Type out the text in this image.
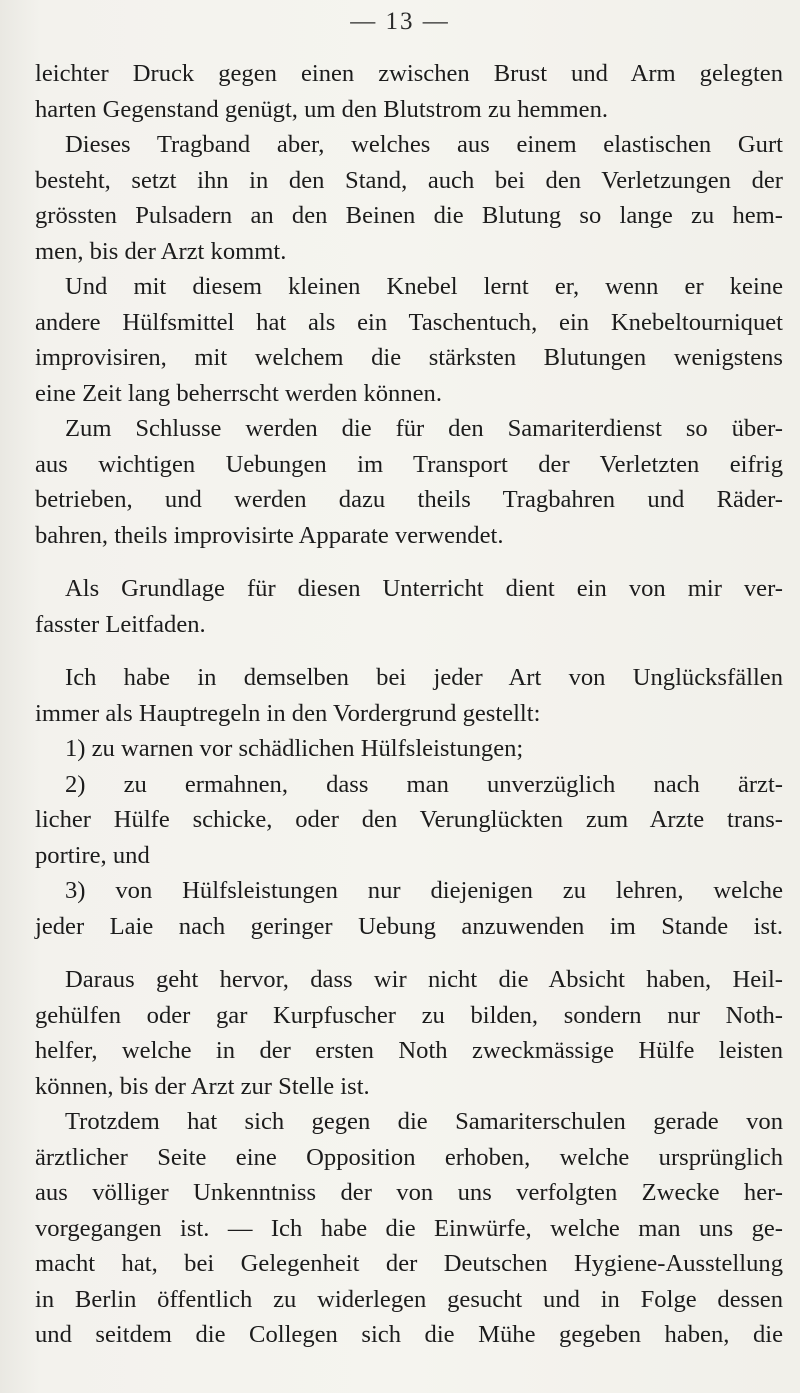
— 13 —

leichter Druck gegen einen zwischen Brust und Arm gelegten
harten Gegenstand genügt, um den Blutstrom zu hemmen.

Dieses Tragband aber, welches aus einem elastischen Gurt
besteht, setzt ihn in den Stand, auch bei den Verletzungen der
grössten Pulsadern an den Beinen die Blutung so lange zu hem-
men, bis der Arzt kommt.

Und mit diesem kleinen Knebel lernt er, wenn er keine
andere Hülfsmittel hat als ein Taschentuch, ein Knebeltourniquet
improvisiren, mit welchem die stärksten Blutungen wenigstens
eine Zeit lang beherrscht werden können.

Zum Schlusse werden die für den Samariterdienst so über-
aus wichtigen Uebungen im Transport der Verletzten eifrig
betrieben, und werden dazu theils Tragbahren und Räder-
bahren, theils improvisirte Apparate verwendet.

Als Grundlage für diesen Unterricht dient ein von mir ver-
fasster Leitfaden.

Ich habe in demselben bei jeder Art von Unglücksfällen
immer als Hauptregeln in den Vordergrund gestellt:

1) zu warnen vor schädlichen Hülfsleistungen;

2) zu ermahnen, dass man unverzüglich nach ärzt-
licher Hülfe schicke, oder den Verunglückten zum Arzte trans-
portire, und

3) von Hülfsleistungen nur diejenigen zu lehren, welche
jeder Laie nach geringer Uebung anzuwenden im Stande ist.

Daraus geht hervor, dass wir nicht die Absicht haben, Heil-
gehülfen oder gar Kurpfuscher zu bilden, sondern nur Noth-
helfer, welche in der ersten Noth zweckmässige Hülfe leisten
können, bis der Arzt zur Stelle ist.

Trotzdem hat sich gegen die Samariterschulen gerade von
ärztlicher Seite eine Opposition erhoben, welche ursprünglich
aus völliger Unkenntniss der von uns verfolgten Zwecke her-
vorgegangen ist. — Ich habe die Einwürfe, welche man uns ge-
macht hat, bei Gelegenheit der Deutschen Hygiene-Ausstellung
in Berlin öffentlich zu widerlegen gesucht und in Folge dessen
und seitdem die Collegen sich die Mühe gegeben haben, die
